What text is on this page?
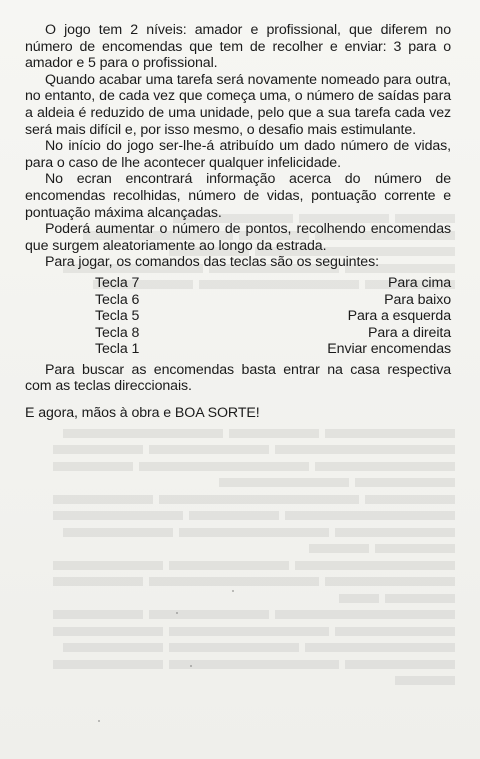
O jogo tem 2 níveis: amador e profissional, que diferem no número de encomendas que tem de recolher e enviar: 3 para o amador e 5 para o profissional.

Quando acabar uma tarefa será novamente nomeado para outra, no entanto, de cada vez que começa uma, o número de saídas para a aldeia é reduzido de uma unidade, pelo que a sua tarefa cada vez será mais difícil e, por isso mesmo, o desafio mais estimulante.

No início do jogo ser-lhe-á atribuído um dado número de vidas, para o caso de lhe acontecer qualquer infelicidade.

No ecran encontrará informação acerca do número de encomendas recolhidas, número de vidas, pontuação corrente e pontuação máxima alcançadas.

Poderá aumentar o número de pontos, recolhendo encomendas que surgem aleatoriamente ao longo da estrada.

Para jogar, os comandos das teclas são os seguintes:

Tecla 7	Para cima
Tecla 6	Para baixo
Tecla 5	Para a esquerda
Tecla 8	Para a direita
Tecla 1	Enviar encomendas

Para buscar as encomendas basta entrar na casa respectiva com as teclas direccionais.

E agora, mãos à obra e BOA SORTE!
